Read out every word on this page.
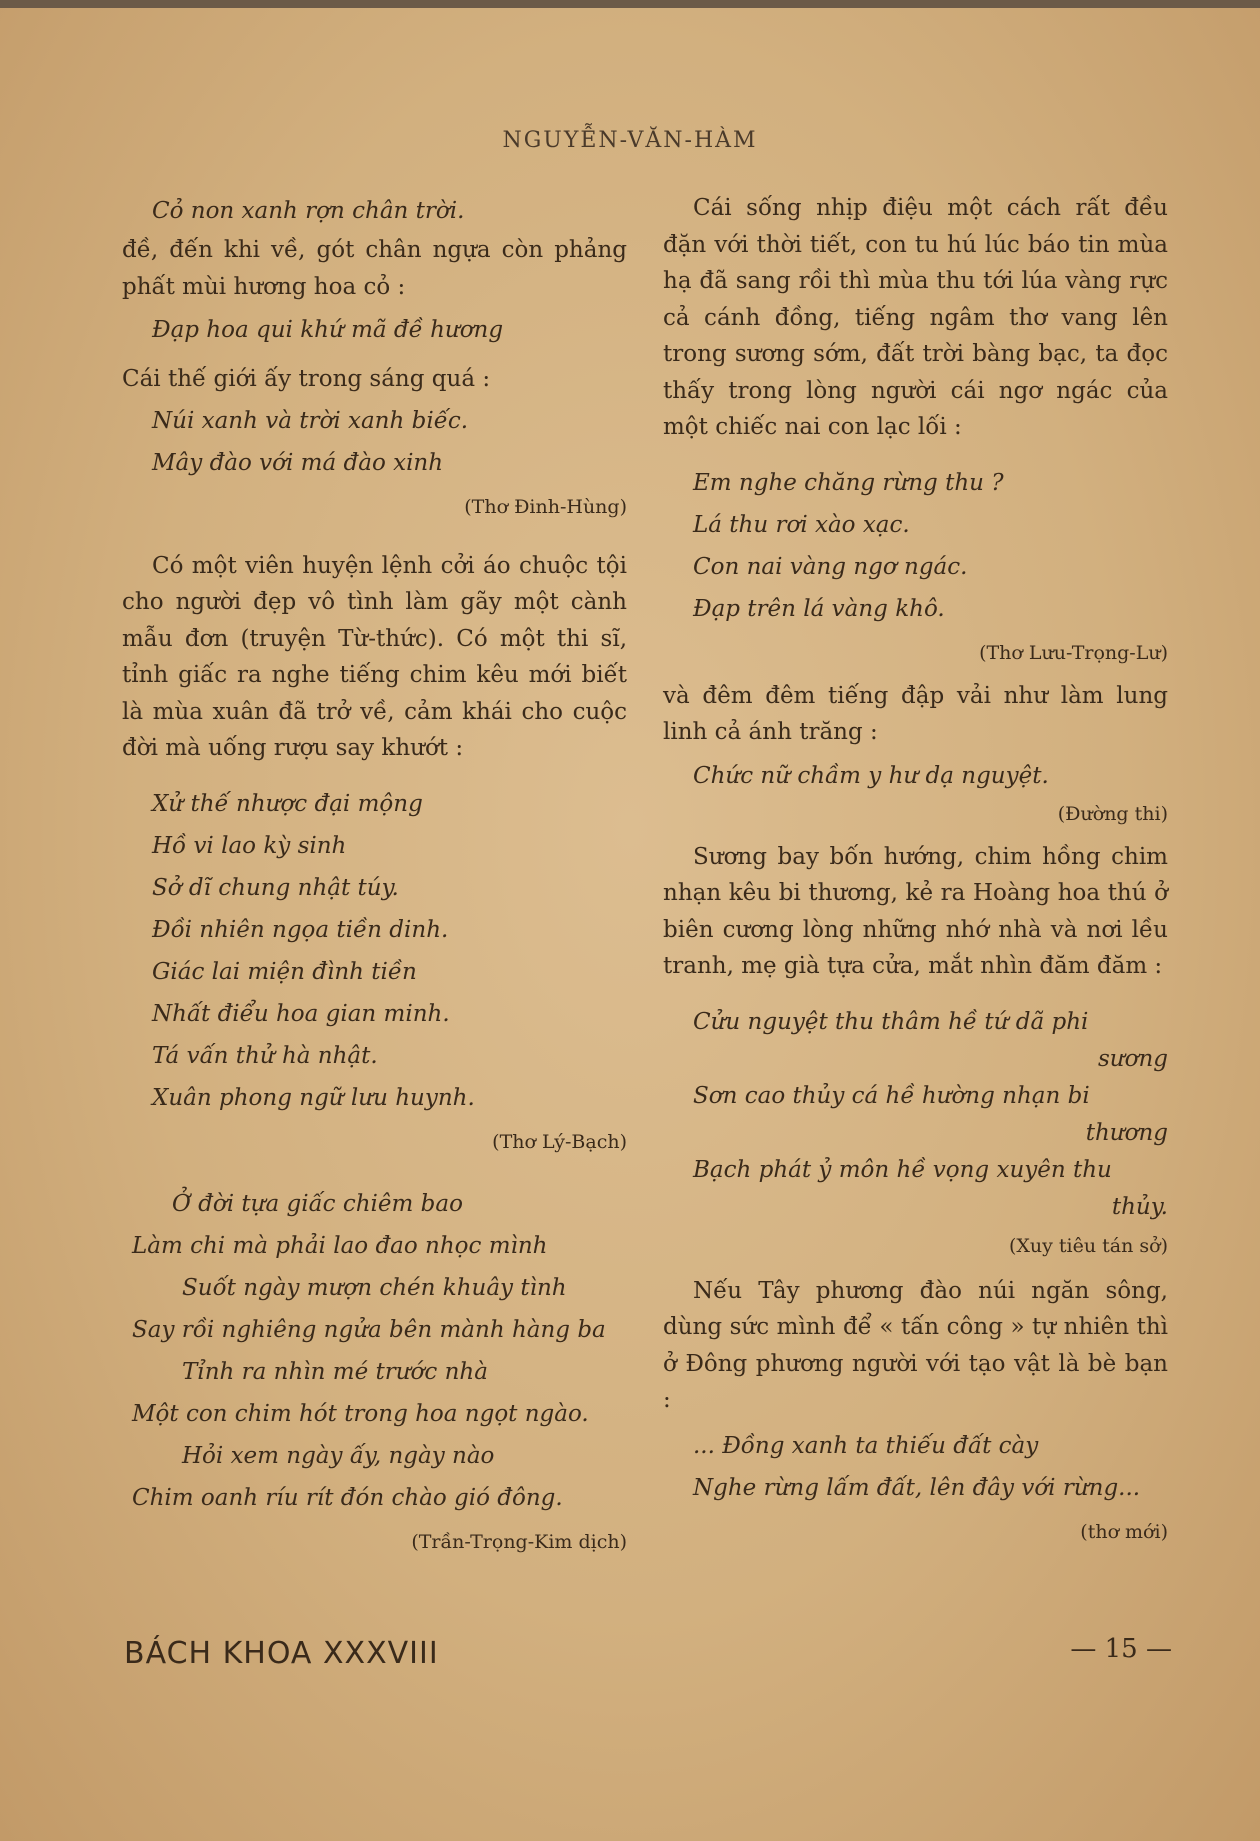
NGUYỄN-VĂN-HÀM
Cỏ non xanh rợn chân trời.

đề, đến khi về, gót chân ngựa còn phảng phất mùi hương hoa cỏ :

Đạp hoa qui khứ mã đề hương

Cái thế giới ấy trong sáng quá :

Núi xanh và trời xanh biếc.
Mây đào với má đào xinh
(Thơ Đinh-Hùng)

Có một viên huyện lệnh cởi áo chuộc tội cho người đẹp vô tình làm gãy một cành mẫu đơn (truyện Từ-thức). Có một thi sĩ, tỉnh giấc ra nghe tiếng chim kêu mới biết là mùa xuân đã trở về, cảm khái cho cuộc đời mà uống rượu say khướt :

Xử thế nhược đại mộng
Hồ vi lao kỳ sinh
Sở dĩ chung nhật túy.
Đồi nhiên ngọa tiền dinh.
Giác lai miện đình tiền
Nhất điểu hoa gian minh.
Tá vấn thử hà nhật.
Xuân phong ngữ lưu huynh.
(Thơ Lý-Bạch)
Ở đời tựa giấc chiêm bao
Làm chi mà phải lao đao nhọc mình
Suốt ngày mượn chén khuây tình
Say rồi nghiêng ngửa bên mành hàng ba
Tỉnh ra nhìn mé trước nhà
Một con chim hót trong hoa ngọt ngào.
Hỏi xem ngày ấy, ngày nào
Chim oanh ríu rít đón chào gió đông.
(Trần-Trọng-Kim dịch)

Cái sống nhịp điệu một cách rất đều đặn với thời tiết, con tu hú lúc báo tin mùa hạ đã sang rồi thì mùa thu tới lúa vàng rực cả cánh đồng, tiếng ngâm thơ vang lên trong sương sớm, đất trời bàng bạc, ta đọc thấy trong lòng người cái ngơ ngác của một chiếc nai con lạc lối :

Em nghe chăng rừng thu ?
Lá thu rơi xào xạc.
Con nai vàng ngơ ngác.
Đạp trên lá vàng khô.
(Thơ Lưu-Trọng-Lư)

và đêm đêm tiếng đập vải như làm lung linh cả ánh trăng :

Chức nữ chầm y hư dạ nguyệt.
(Đường thi)

Sương bay bốn hướng, chim hồng chim nhạn kêu bi thương, kẻ ra Hoàng hoa thú ở biên cương lòng những nhớ nhà và nơi lều tranh, mẹ già tựa cửa, mắt nhìn đăm đăm :

Cửu nguyệt thu thâm hề tứ dã phi
sương
Sơn cao thủy cá hề hường nhạn bi
thương
Bạch phát ỷ môn hề vọng xuyên thu
thủy.
(Xuy tiêu tán sở)

Nếu Tây phương đào núi ngăn sông, dùng sức mình để « tấn công » tự nhiên thì ở Đông phương người với tạo vật là bè bạn :

... Đồng xanh ta thiếu đất cày
Nghe rừng lấm đất, lên đây với rừng...
(thơ mới)
BÁCH KHOA XXXVIII	— 15 —
